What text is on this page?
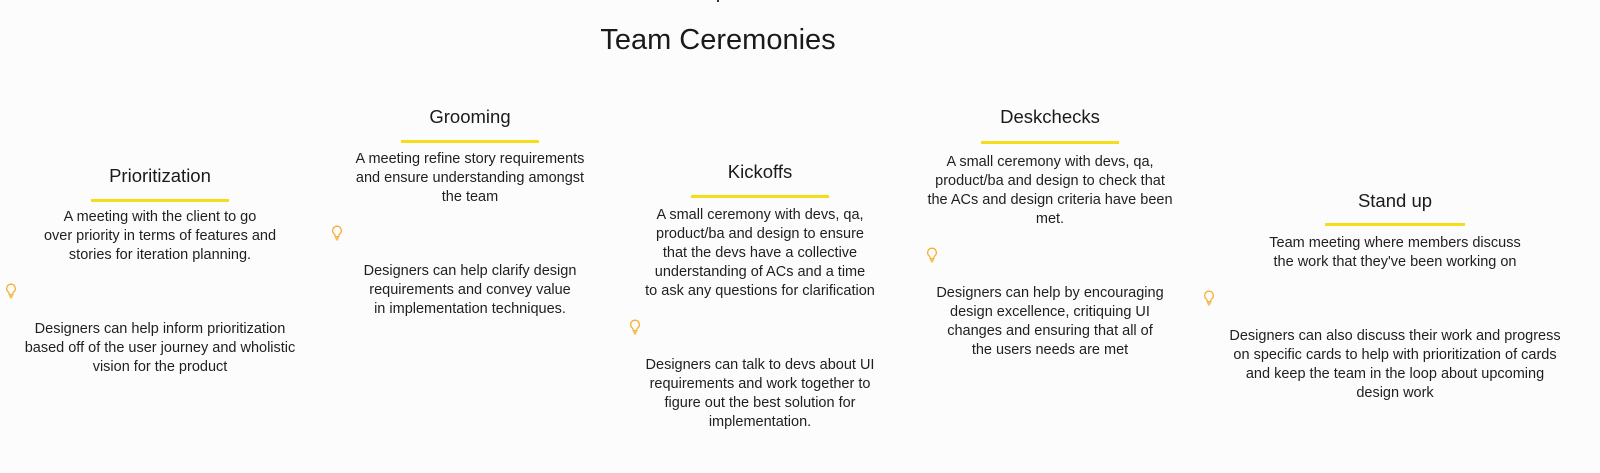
Team Ceremonies
Prioritization
A meeting with the client to go
over priority in terms of features and
stories for iteration planning.

Designers can help inform prioritization
based off of the user journey and wholistic
vision for the product

Grooming
A meeting refine story requirements
and ensure understanding amongst
the team

Designers can help clarify design
requirements and convey value
in implementation techniques.

Kickoffs
A small ceremony with devs, qa,
product/ba and design to ensure
that the devs have a collective
understanding of ACs and a time
to ask any questions for clarification

Designers can talk to devs about UI
requirements and work together to
figure out the best solution for
implementation.

Deskchecks
A small ceremony with devs, qa,
product/ba and design to check that
the ACs and design criteria have been
met.

Designers can help by encouraging
design excellence, critiquing UI
changes and ensuring that all of
the users needs are met

Stand up
Team meeting where members discuss
the work that they've been working on

Designers can also discuss their work and progress
on specific cards to help with prioritization of cards
and keep the team in the loop about upcoming
design work
